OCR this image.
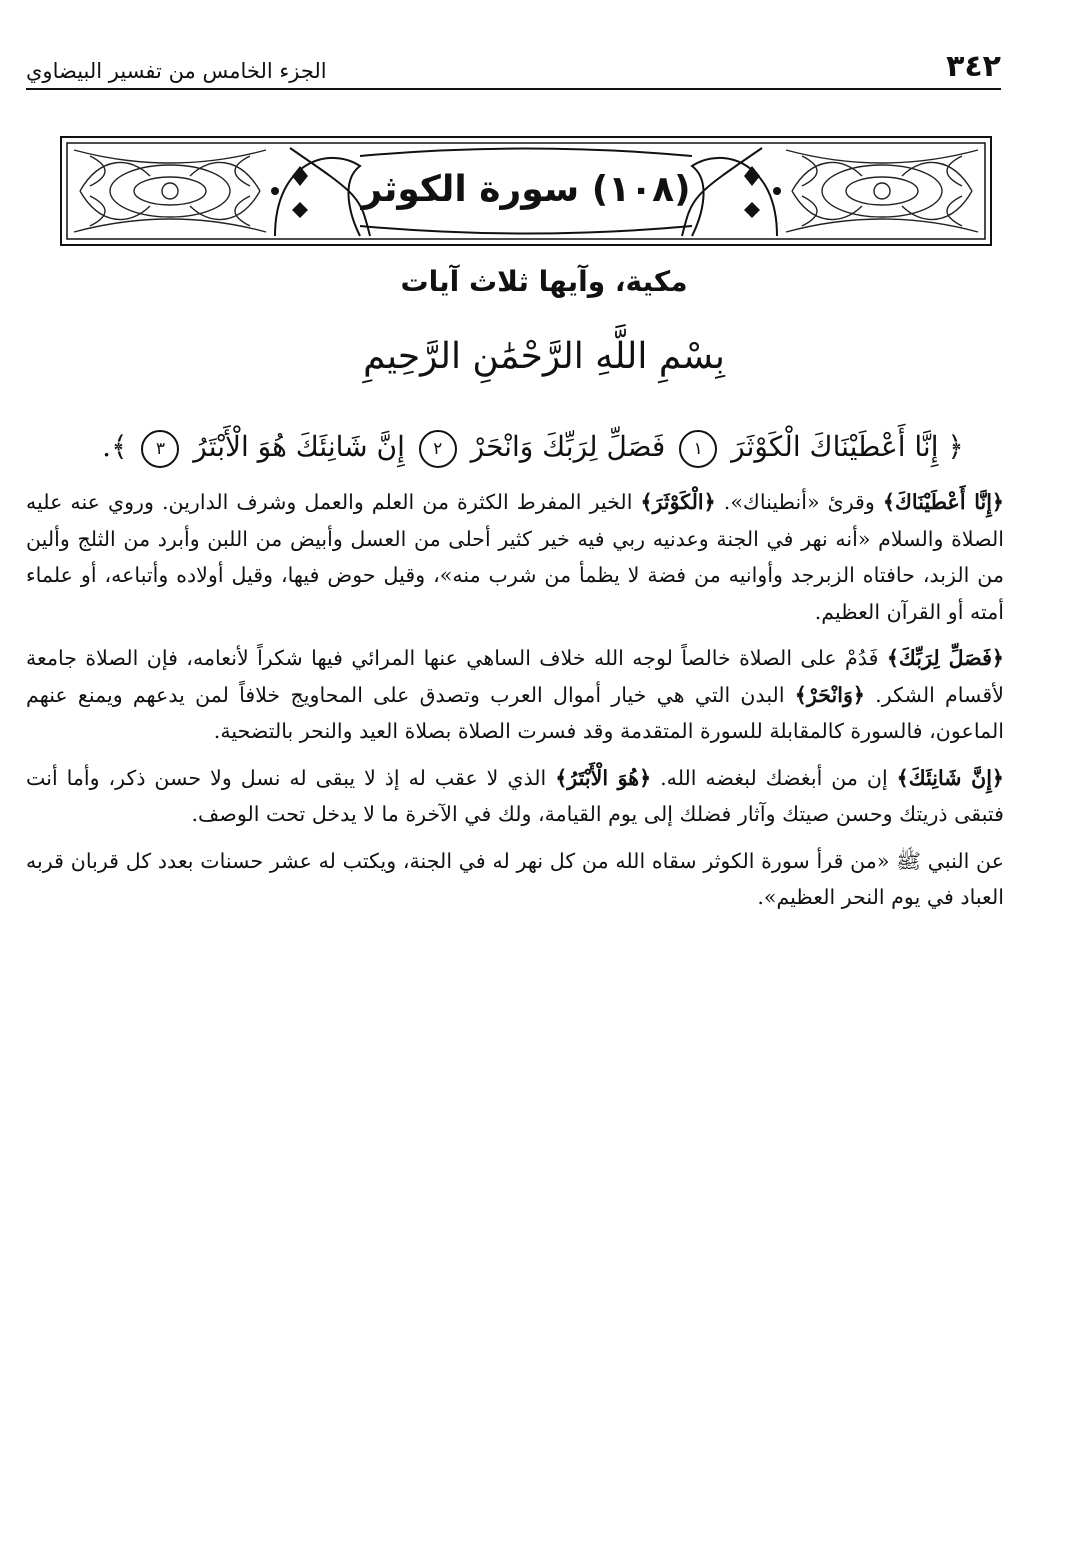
٣٤٢
الجزء الخامس من تفسير البيضاوي
(١٠٨) سورة الكوثر
مكية، وآيها ثلاث آيات
بِسْمِ اللَّهِ الرَّحْمَٰنِ الرَّحِيمِ
﴿ إِنَّا أَعْطَيْنَاكَ الْكَوْثَرَ ١ فَصَلِّ لِرَبِّكَ وَانْحَرْ ٢ إِنَّ شَانِئَكَ هُوَ الْأَبْتَرُ ٣ ﴾.

﴿إِنَّا أَعْطَيْنَاكَ﴾ وقرئ «أنطيناك». ﴿الْكَوْثَرَ﴾ الخير المفرط الكثرة من العلم والعمل وشرف الدارين. وروي عنه عليه الصلاة والسلام «أنه نهر في الجنة وعدنيه ربي فيه خير كثير أحلى من العسل وأبيض من اللبن وأبرد من الثلج وألين من الزبد، حافتاه الزبرجد وأوانيه من فضة لا يظمأ من شرب منه»، وقيل حوض فيها، وقيل أولاده وأتباعه، أو علماء أمته أو القرآن العظيم.

﴿فَصَلِّ لِرَبِّكَ﴾ فَدُمْ على الصلاة خالصاً لوجه الله خلاف الساهي عنها المرائي فيها شكراً لأنعامه، فإن الصلاة جامعة لأقسام الشكر. ﴿وَانْحَرْ﴾ البدن التي هي خيار أموال العرب وتصدق على المحاويج خلافاً لمن يدعهم ويمنع عنهم الماعون، فالسورة كالمقابلة للسورة المتقدمة وقد فسرت الصلاة بصلاة العيد والنحر بالتضحية.

﴿إِنَّ شَانِئَكَ﴾ إن من أبغضك لبغضه الله. ﴿هُوَ الْأَبْتَرُ﴾ الذي لا عقب له إذ لا يبقى له نسل ولا حسن ذكر، وأما أنت فتبقى ذريتك وحسن صيتك وآثار فضلك إلى يوم القيامة، ولك في الآخرة ما لا يدخل تحت الوصف.

عن النبي ﷺ «من قرأ سورة الكوثر سقاه الله من كل نهر له في الجنة، ويكتب له عشر حسنات بعدد كل قربان قربه العباد في يوم النحر العظيم».
